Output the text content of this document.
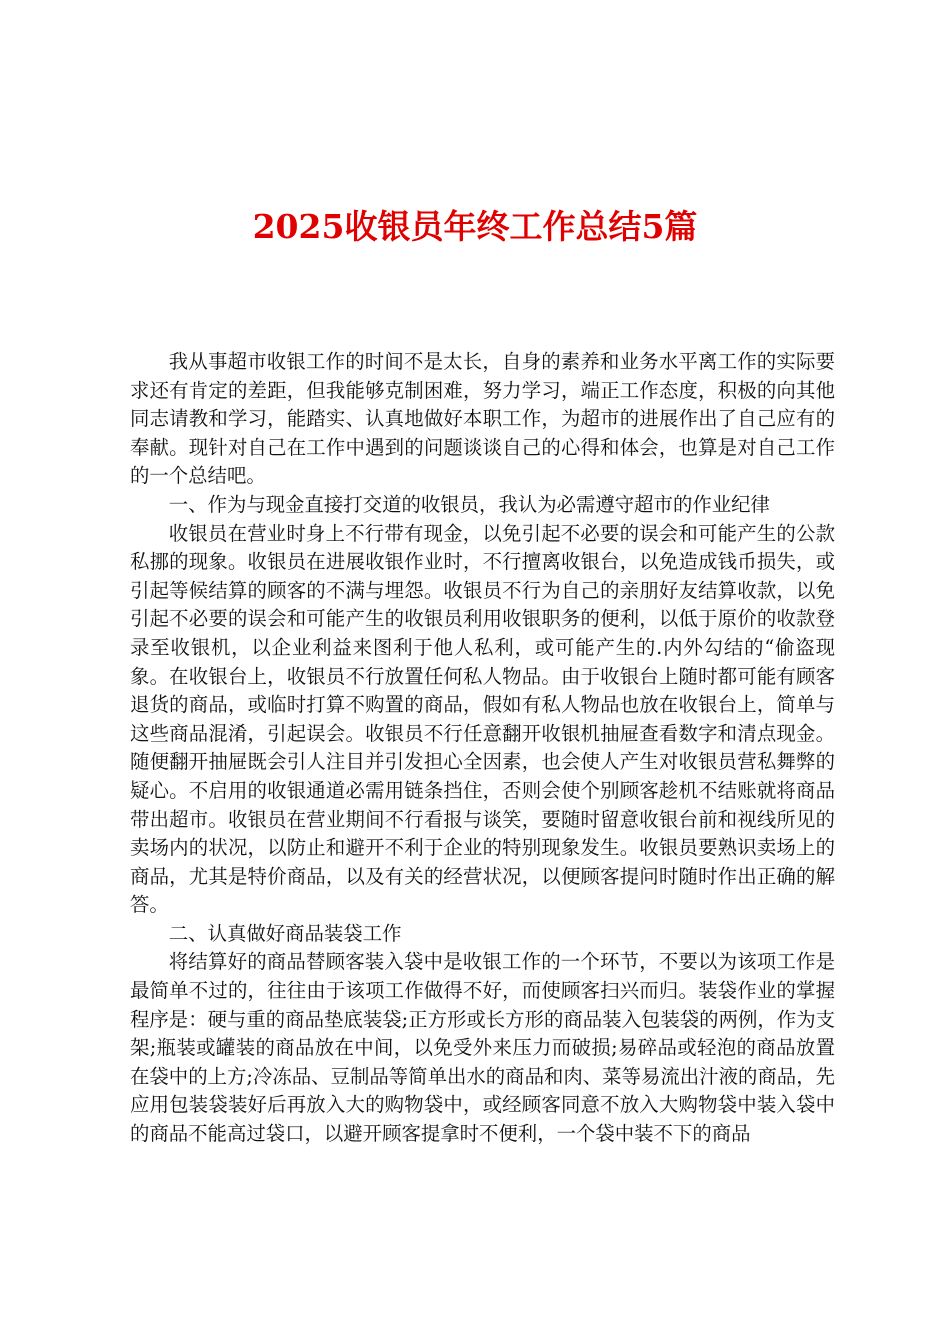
2025收银员年终工作总结5篇

我从事超市收银工作的时间不是太长，自身的素养和业务水平离工作的实际要求还有肯定的差距，但我能够克制困难，努力学习，端正工作态度，积极的向其他同志请教和学习，能踏实、认真地做好本职工作，为超市的进展作出了自己应有的奉献。现针对自己在工作中遇到的问题谈谈自己的心得和体会，也算是对自己工作的一个总结吧。

一、作为与现金直接打交道的收银员，我认为必需遵守超市的作业纪律

收银员在营业时身上不行带有现金，以免引起不必要的误会和可能产生的公款私挪的现象。收银员在进展收银作业时，不行擅离收银台，以免造成钱币损失，或引起等候结算的顾客的不满与埋怨。收银员不行为自己的亲朋好友结算收款，以免引起不必要的误会和可能产生的收银员利用收银职务的便利，以低于原价的收款登录至收银机，以企业利益来图利于他人私利，或可能产生的.内外勾结的“偷盗现象。在收银台上，收银员不行放置任何私人物品。由于收银台上随时都可能有顾客退货的商品，或临时打算不购置的商品，假如有私人物品也放在收银台上，简单与这些商品混淆，引起误会。收银员不行任意翻开收银机抽屉查看数字和清点现金。随便翻开抽屉既会引人注目并引发担心全因素，也会使人产生对收银员营私舞弊的疑心。不启用的收银通道必需用链条挡住，否则会使个别顾客趁机不结账就将商品带出超市。收银员在营业期间不行看报与谈笑，要随时留意收银台前和视线所见的卖场内的状况，以防止和避开不利于企业的特别现象发生。收银员要熟识卖场上的商品，尤其是特价商品，以及有关的经营状况，以便顾客提问时随时作出正确的解答。

二、认真做好商品装袋工作

将结算好的商品替顾客装入袋中是收银工作的一个环节，不要以为该项工作是最简单不过的，往往由于该项工作做得不好，而使顾客扫兴而归。装袋作业的掌握程序是：硬与重的商品垫底装袋;正方形或长方形的商品装入包装袋的两例，作为支架;瓶装或罐装的商品放在中间，以免受外来压力而破损;易碎品或轻泡的商品放置在袋中的上方;冷冻品、豆制品等简单出水的商品和肉、菜等易流出汁液的商品，先应用包装袋装好后再放入大的购物袋中，或经顾客同意不放入大购物袋中装入袋中的商品不能高过袋口，以避开顾客提拿时不便利，一个袋中装不下的商品
